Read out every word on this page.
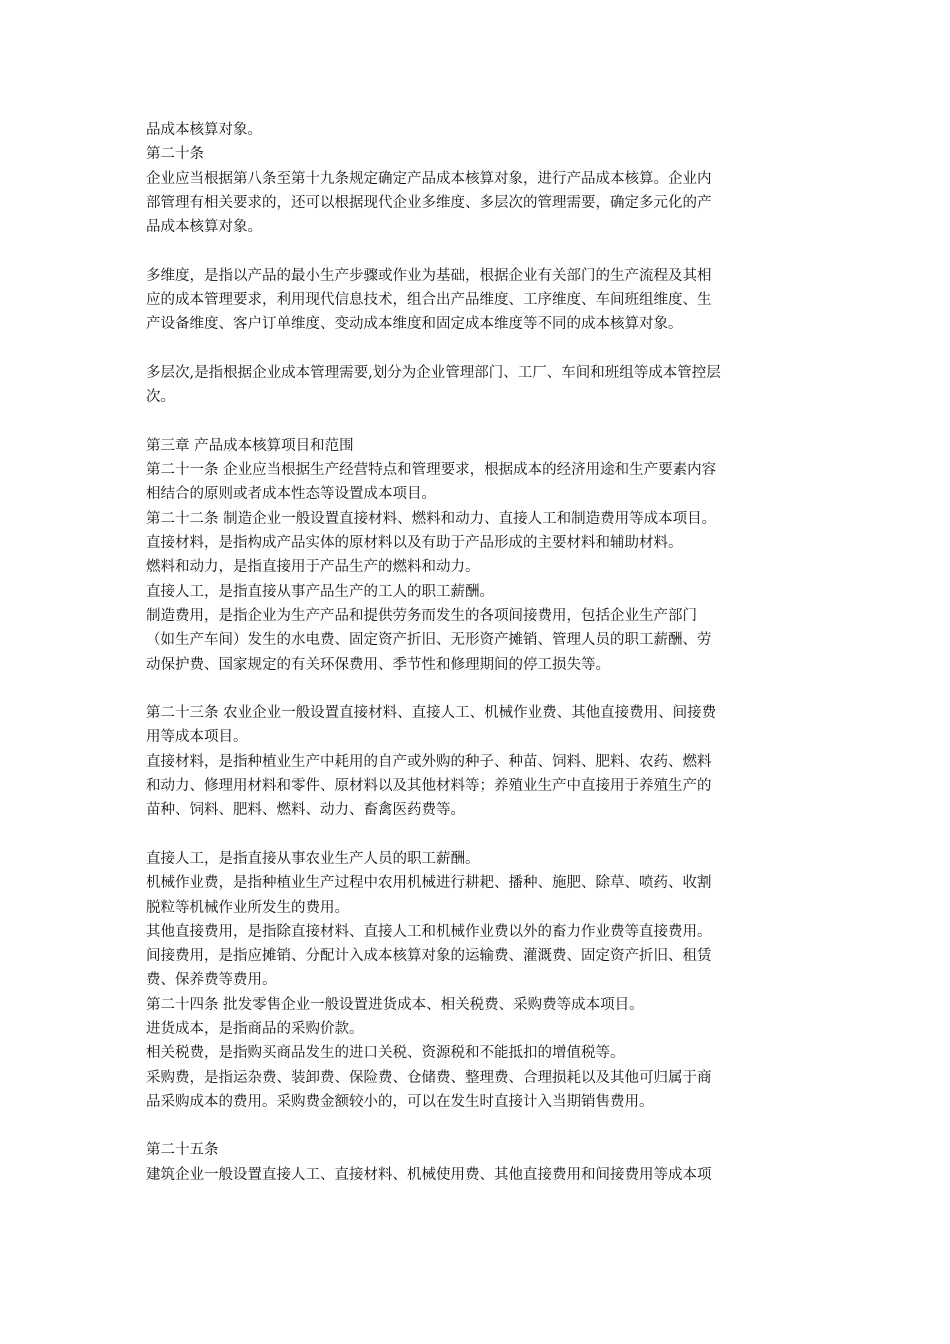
品成本核算对象。
第二十条
企业应当根据第八条至第十九条规定确定产品成本核算对象，进行产品成本核算。企业内
部管理有相关要求的，还可以根据现代企业多维度、多层次的管理需要，确定多元化的产
品成本核算对象。
多维度，是指以产品的最小生产步骤或作业为基础，根据企业有关部门的生产流程及其相
应的成本管理要求，利用现代信息技术，组合出产品维度、工序维度、车间班组维度、生
产设备维度、客户订单维度、变动成本维度和固定成本维度等不同的成本核算对象。
多层次,是指根据企业成本管理需要,划分为企业管理部门、工厂、车间和班组等成本管控层
次。
第三章 产品成本核算项目和范围
第二十一条 企业应当根据生产经营特点和管理要求，根据成本的经济用途和生产要素内容
相结合的原则或者成本性态等设置成本项目。
第二十二条 制造企业一般设置直接材料、燃料和动力、直接人工和制造费用等成本项目。
直接材料，是指构成产品实体的原材料以及有助于产品形成的主要材料和辅助材料。
燃料和动力，是指直接用于产品生产的燃料和动力。
直接人工，是指直接从事产品生产的工人的职工薪酬。
制造费用，是指企业为生产产品和提供劳务而发生的各项间接费用，包括企业生产部门
（如生产车间）发生的水电费、固定资产折旧、无形资产摊销、管理人员的职工薪酬、劳
动保护费、国家规定的有关环保费用、季节性和修理期间的停工损失等。
第二十三条 农业企业一般设置直接材料、直接人工、机械作业费、其他直接费用、间接费
用等成本项目。
直接材料，是指种植业生产中耗用的自产或外购的种子、种苗、饲料、肥料、农药、燃料
和动力、修理用材料和零件、原材料以及其他材料等；养殖业生产中直接用于养殖生产的
苗种、饲料、肥料、燃料、动力、畜禽医药费等。
直接人工，是指直接从事农业生产人员的职工薪酬。
机械作业费，是指种植业生产过程中农用机械进行耕耙、播种、施肥、除草、喷药、收割
脱粒等机械作业所发生的费用。
其他直接费用，是指除直接材料、直接人工和机械作业费以外的畜力作业费等直接费用。
间接费用，是指应摊销、分配计入成本核算对象的运输费、灌溉费、固定资产折旧、租赁
费、保养费等费用。
第二十四条 批发零售企业一般设置进货成本、相关税费、采购费等成本项目。
进货成本，是指商品的采购价款。
相关税费，是指购买商品发生的进口关税、资源税和不能抵扣的增值税等。
采购费，是指运杂费、装卸费、保险费、仓储费、整理费、合理损耗以及其他可归属于商
品采购成本的费用。采购费金额较小的，可以在发生时直接计入当期销售费用。
第二十五条
建筑企业一般设置直接人工、直接材料、机械使用费、其他直接费用和间接费用等成本项
